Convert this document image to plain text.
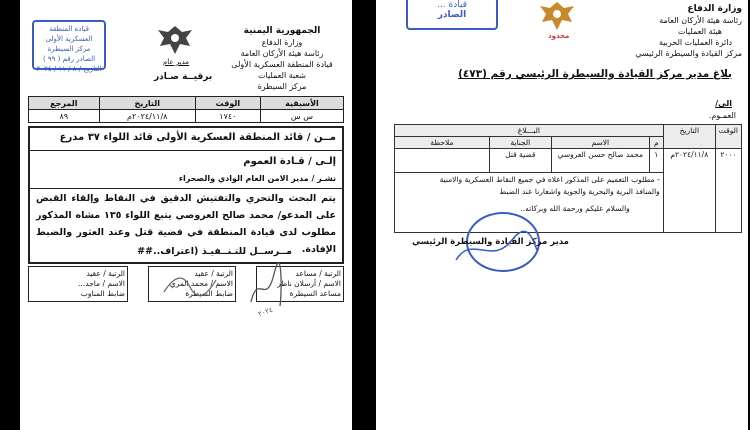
قيادة المنطقة العسكرية الأولى
مركز السيطرة
الصادر رقم ( ٩٩ )
التاريخ / ٨ / ١١ / ٢٠٢٤
مدير عام
الجمهورية اليمنية
وزارة الدفاع
رئاسة هيئة الأركان العامة
قيادة المنطقة العسكرية الأولى
شعبة العمليات
مركز السيطرة
برقيــة صـادر
الأسبقية	الوقت	التاريخ	المرجع
س س	١٧٤٠	٢٠٢٤/١١/٨م	٨٩
مــن / قائد المنطقة العسكرية الأولى قائد اللواء ٣٧ مدرع
إلـى / قـادة العموم
نشـر / مدير الامن العام الوادي والصحراء
يتم البحث والتحري والتفتيش الدقيق في النقاط وإلقاء القبض على المدعو/ محمد صالح العروصي يتبع اللواء ١٣٥ مشاه المذكور مطلوب لدى قيادة المنطقة في قضية قتل وعند العثور والضبط الإفادة.
مــرســل للتـنــفيـذ (اعتراف..##
الرتبة / مساعد
الاسم / أرسلان ناظر
مساعد السيطرة
الرتبة / عقيد
الاسم / محمد المري
ضابط السيطرة
الرتبة / عقيد
الاسم / ماجد...
ضابط المناوب
٢٠٢٤
قيادة ...
الصادر
محدود
وزارة الدفاع
رئاسة هيئة الأركان العامة
هيئة العمليات
دائرة العمليات الحربية
مركز القيادة والسيطرة الرئيسي
بلاغ مدير مركز القيادة والسيطرة الرئيسي رقم (٤٧٣)
الى/
العمـوم.
الوقت	التاريخ	البـــلاغ			
		م	الاسم	الجناية	ملاحظة
٢٠٠٠	٢٠٢٤/١١/٨م	١	محمد صالح حسن العروسي	قضية قتل	

		- مطلوب التعميم على المذكور اعلاه في جميع النقاط العسكرية والامنية
والمنافذ البرية والبحرية والجوية واشعارنا عند الضبط
والسلام عليكم ورحمة الله وبركاته..			
مدير مركز القيادة والسيطرة الرئيسي
